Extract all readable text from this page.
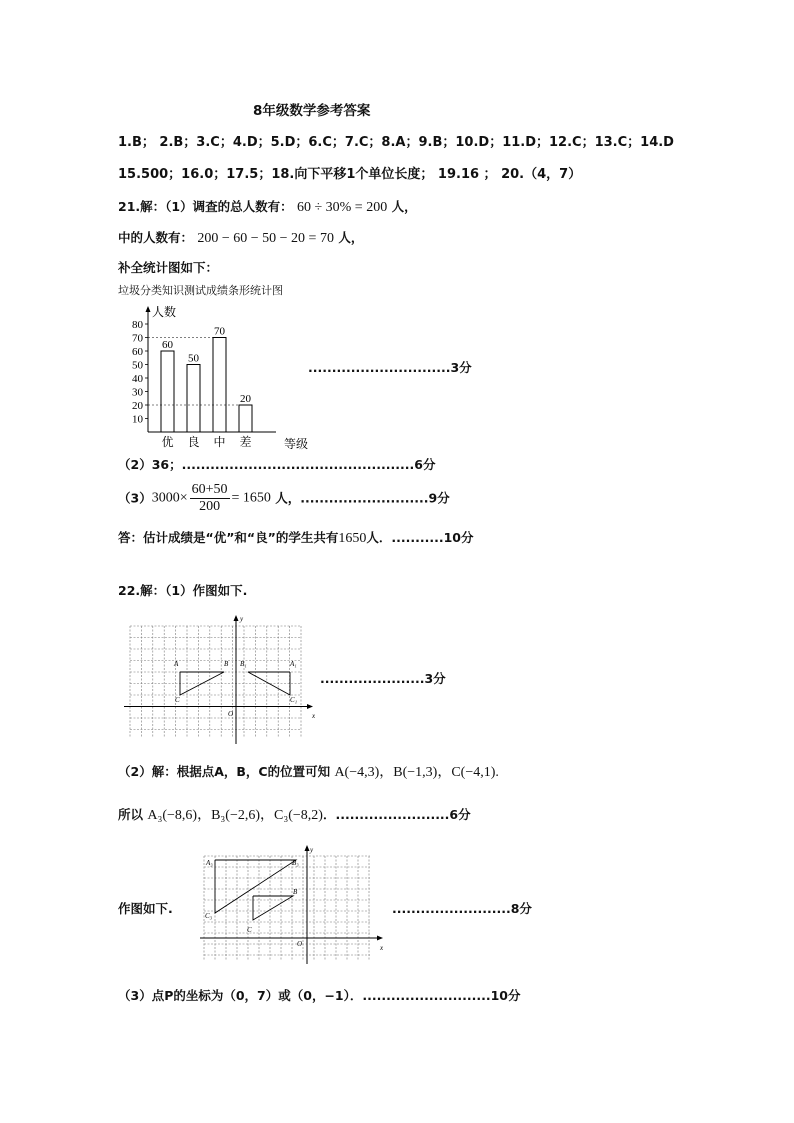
8年级数学参考答案
1.B； 2.B；3.C；4.D；5.D；6.C；7.C；8.A；9.B；10.D；11.D；12.C；13.C；14.D
15.500；16.0；17.5；18.向下平移1个单位长度； 19.16 ； 20.（4，7）
21.解：（1）调查的总人数有： 60 ÷ 30% = 200 人，
中的人数有： 200 − 60 − 50 − 20 = 70 人，
补全统计图如下：
垃圾分类知识测试成绩条形统计图
人数
10
20
30
40
50
60
70
80
60
优
50
良
70
中
20
差	等级
..............................3分
（2）36；.................................................6分
$(3)3000\times \frac{60+50}{200} = 1650$ 人，...........................9分
答：估计成绩是“优”和“良”的学生共有1650人．...........10分
22.解：（1）作图如下.
A	B
C
B₁	A₁
C₁
O	x
y
......................3分
（2）解：根据点A，B，C的位置可知 A(−4,3)，B(−1,3)，C(−4,1).
所以 A₃(−8,6)，B₃(−2,6)，C₃(−8,2)．........................6分
作图如下.
A₃	B₃
C₃
B
C
O	x
y
.........................8分
（3）点P的坐标为（0，7）或（0，−1）．...........................10分
